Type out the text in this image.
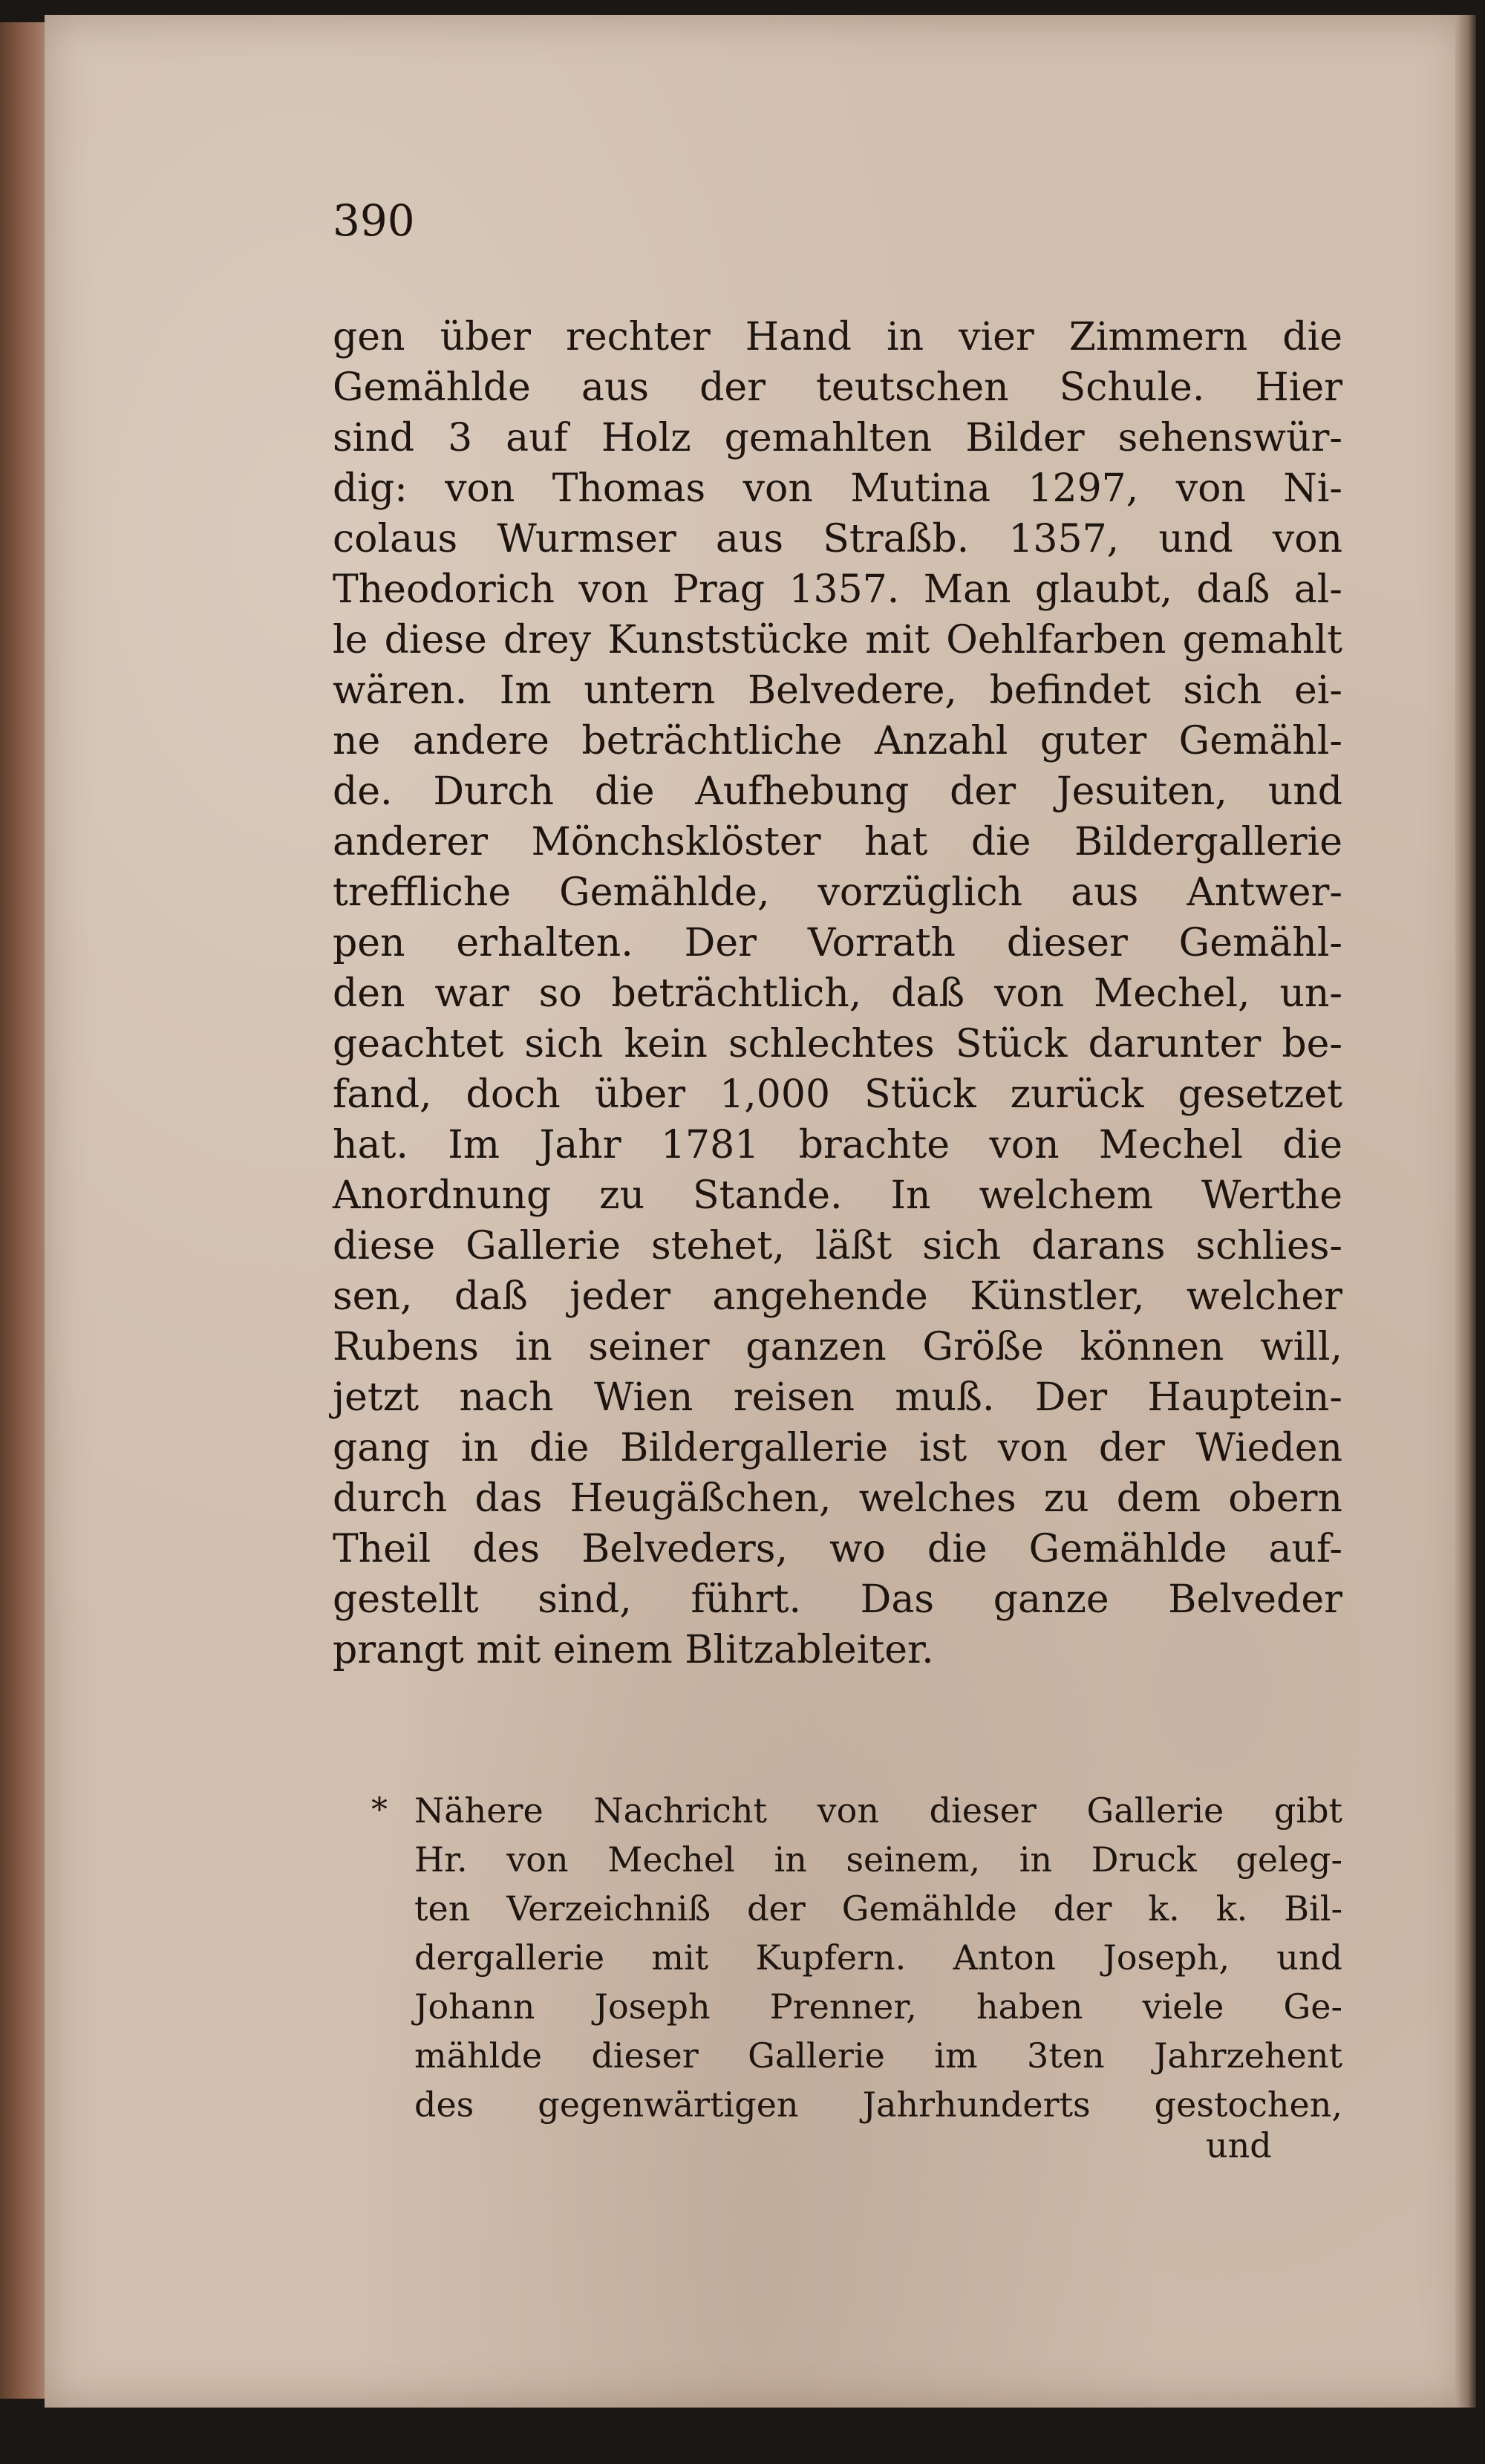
390
gen über rechter Hand in vier Zimmern die
Gemählde aus der teutschen Schule. Hier
sind 3 auf Holz gemahlten Bilder sehenswür-
dig: von Thomas von Mutina 1297, von Ni-
colaus Wurmser aus Straßb. 1357, und von
Theodorich von Prag 1357. Man glaubt, daß al-
le diese drey Kunststücke mit Oehlfarben gemahlt
wären. Im untern Belvedere, befindet sich ei-
ne andere beträchtliche Anzahl guter Gemähl-
de. Durch die Aufhebung der Jesuiten, und
anderer Mönchsklöster hat die Bildergallerie
treffliche Gemählde, vorzüglich aus Antwer-
pen erhalten. Der Vorrath dieser Gemähl-
den war so beträchtlich, daß von Mechel, un-
geachtet sich kein schlechtes Stück darunter be-
fand, doch über 1,000 Stück zurück gesetzet
hat. Im Jahr 1781 brachte von Mechel die
Anordnung zu Stande. In welchem Werthe
diese Gallerie stehet, läßt sich darans schlies-
sen, daß jeder angehende Künstler, welcher
Rubens in seiner ganzen Größe können will,
jetzt nach Wien reisen muß. Der Hauptein-
gang in die Bildergallerie ist von der Wieden
durch das Heugäßchen, welches zu dem obern
Theil des Belveders, wo die Gemählde auf-
gestellt sind, führt. Das ganze Belveder
prangt mit einem Blitzableiter.
* Nähere Nachricht von dieser Gallerie gibt
Hr. von Mechel in seinem, in Druck geleg-
ten Verzeichniß der Gemählde der k. k. Bil-
dergallerie mit Kupfern. Anton Joseph, und
Johann Joseph Prenner, haben viele Ge-
mählde dieser Gallerie im 3ten Jahrzehent
des gegenwärtigen Jahrhunderts gestochen,
und
